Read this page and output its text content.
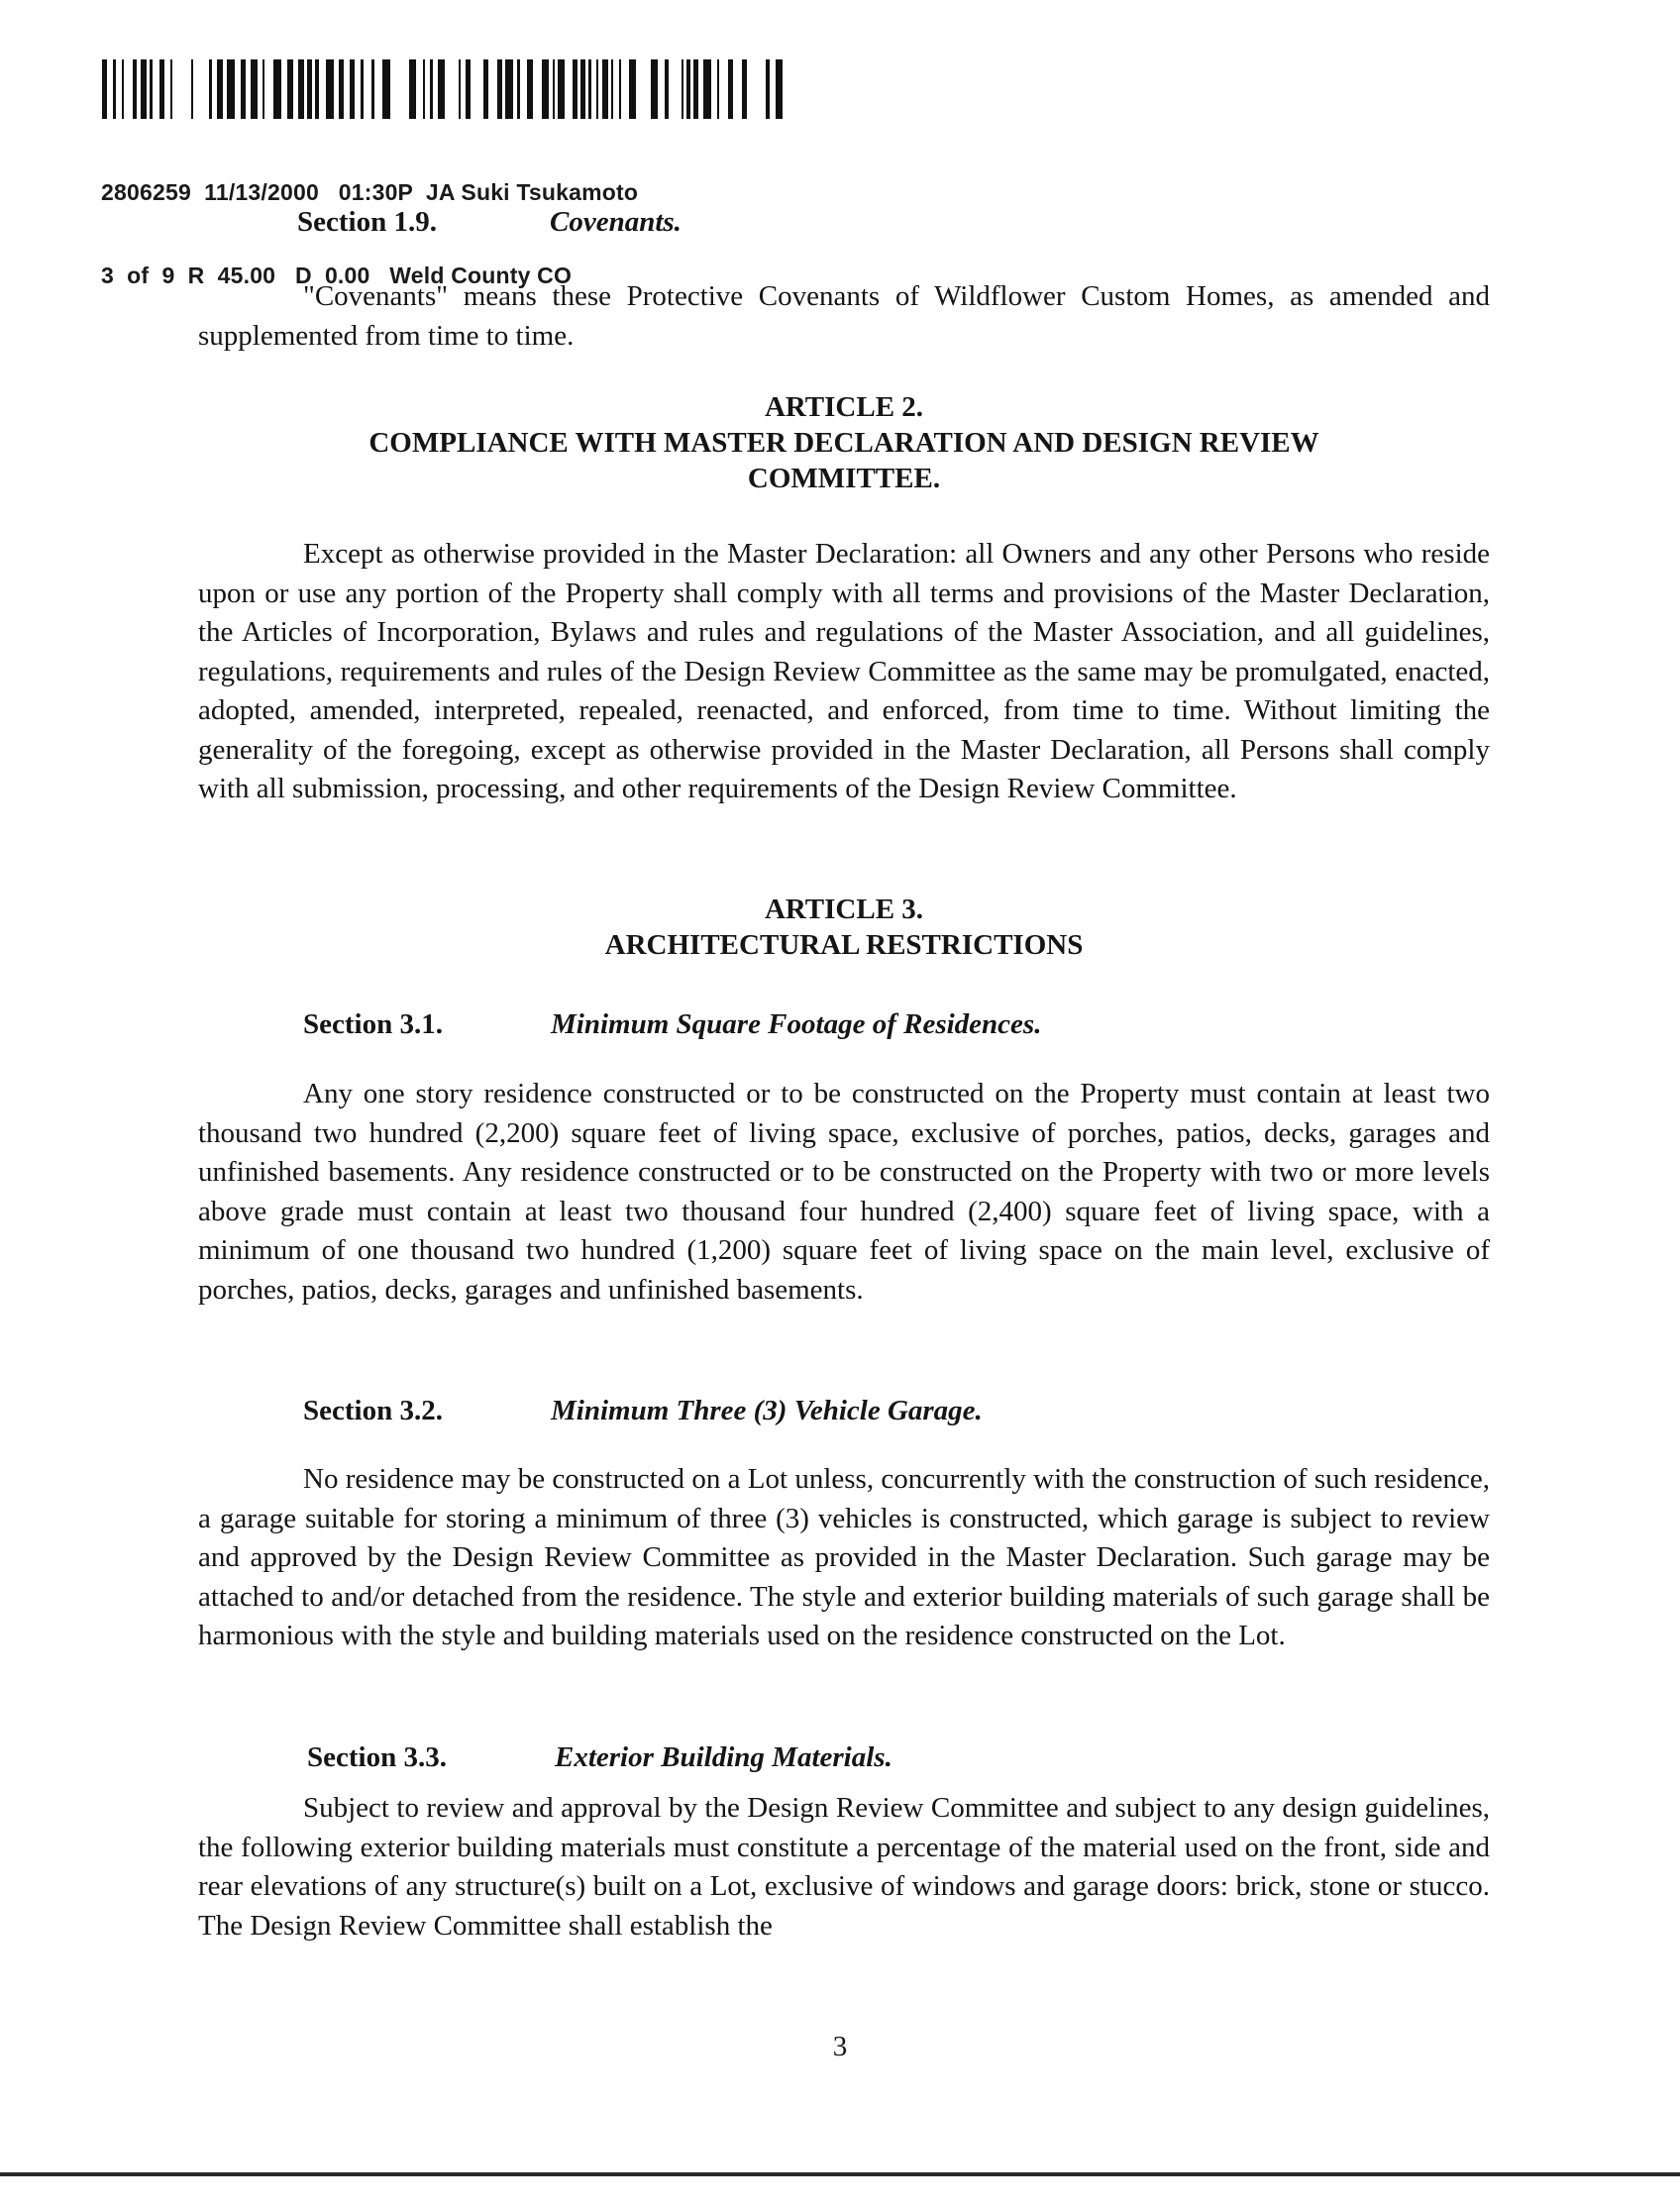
2806259  11/13/2000   01:30P  JA Suki Tsukamoto

3  of  9  R  45.00   D  0.00   Weld County CO

Section 1.9.	Covenants.
"Covenants" means these Protective Covenants of Wildflower Custom Homes, as amended and supplemented from time to time.
ARTICLE 2.
COMPLIANCE WITH MASTER DECLARATION AND DESIGN REVIEW COMMITTEE.
Except as otherwise provided in the Master Declaration: all Owners and any other Persons who reside upon or use any portion of the Property shall comply with all terms and provisions of the Master Declaration, the Articles of Incorporation, Bylaws and rules and regulations of the Master Association, and all guidelines, regulations, requirements and rules of the Design Review Committee as the same may be promulgated, enacted, adopted, amended, interpreted, repealed, reenacted, and enforced, from time to time. Without limiting the generality of the foregoing, except as otherwise provided in the Master Declaration, all Persons shall comply with all submission, processing, and other requirements of the Design Review Committee.
ARTICLE 3.
ARCHITECTURAL RESTRICTIONS
Section 3.1.	Minimum Square Footage of Residences.
Any one story residence constructed or to be constructed on the Property must contain at least two thousand two hundred (2,200) square feet of living space, exclusive of porches, patios, decks, garages and unfinished basements. Any residence constructed or to be constructed on the Property with two or more levels above grade must contain at least two thousand four hundred (2,400) square feet of living space, with a minimum of one thousand two hundred (1,200) square feet of living space on the main level, exclusive of porches, patios, decks, garages and unfinished basements.
Section 3.2.	Minimum Three (3) Vehicle Garage.
No residence may be constructed on a Lot unless, concurrently with the construction of such residence, a garage suitable for storing a minimum of three (3) vehicles is constructed, which garage is subject to review and approved by the Design Review Committee as provided in the Master Declaration. Such garage may be attached to and/or detached from the residence. The style and exterior building materials of such garage shall be harmonious with the style and building materials used on the residence constructed on the Lot.
Section 3.3.	Exterior Building Materials.
Subject to review and approval by the Design Review Committee and subject to any design guidelines, the following exterior building materials must constitute a percentage of the material used on the front, side and rear elevations of any structure(s) built on a Lot, exclusive of windows and garage doors: brick, stone or stucco. The Design Review Committee shall establish the
3
